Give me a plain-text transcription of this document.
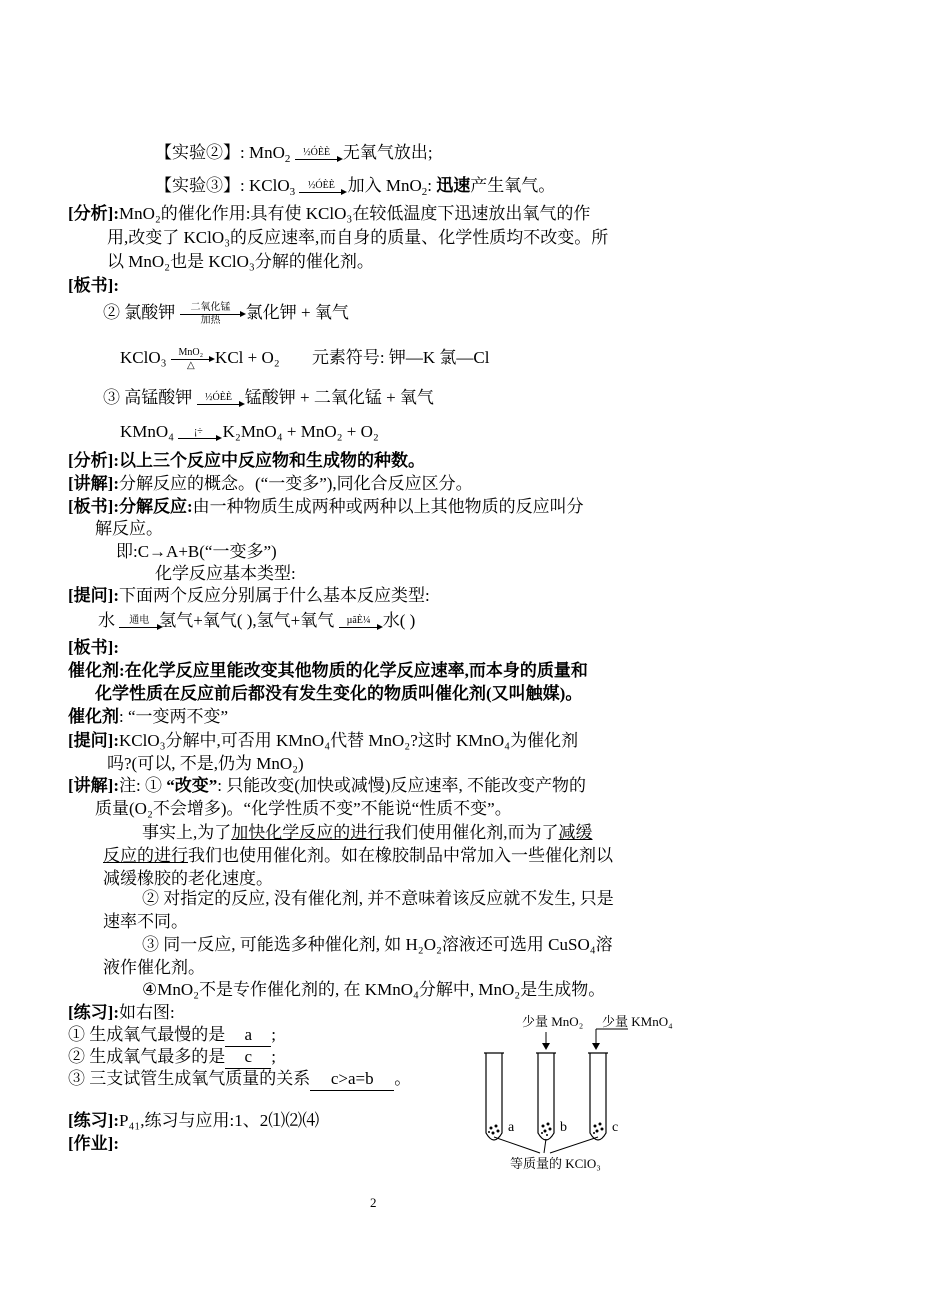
【实验②】: MnO$_2$
½ÓÈÈ 无氧气放出;
【实验③】: KClO$_3$
½ÓÈÈ 加入 MnO$_2$: 迅速产生氧气。
[分析]:MnO₂的催化作用:具有使 KClO₃在较低温度下迅速放出氧气的作
用,改变了 KClO₃的反应速率,而自身的质量、化学性质均不改变。所
以 MnO₂也是 KClO₃分解的催化剂。
[板书]:
② 氯酸钾	二氧化锰
加热	氯化钾 + 氧气
KClO₃	MnO₂
△	KCl + O₂ 元素符号: 钾—K 氯—Cl
③ 高锰酸钾	½ÓÈÈ 锰酸钾 + 二氧化锰 + 氧气
KMnO₄	¡÷	K₂MnO₄ + MnO₂ + O₂
[分析]:以上三个反应中反应物和生成物的种数。
[讲解]:分解反应的概念。(“一变多”),同化合反应区分。
[板书]:分解反应:由一种物质生成两种或两种以上其他物质的反应叫分
解反应。
即:C→A+B(“一变多”)
化学反应基本类型:
[提问]:下面两个反应分别属于什么基本反应类型:
水	通电 氢气+氧气( ),氢气+氧气	µãÈ¼ 水( )
[板书]:
催化剂:在化学反应里能改变其他物质的化学反应速率,而本身的质量和
化学性质在反应前后都没有发生变化的物质叫催化剂(又叫触媒)。
催化剂: “一变两不变”
[提问]:KClO₃分解中,可否用 KMnO₄代替 MnO₂?这时 KMnO₄为催化剂
吗?(可以, 不是,仍为 MnO₂)
[讲解]:注: ① “改变”: 只能改变(加快或减慢)反应速率, 不能改变产物的
质量(O₂不会增多)。“化学性质不变”不能说“性质不变”。
事实上,为了加快化学反应的进行我们使用催化剂,而为了减缓
反应的进行我们也使用催化剂。如在橡胶制品中常加入一些催化剂以
减缓橡胶的老化速度。
② 对指定的反应, 没有催化剂, 并不意味着该反应就不发生, 只是
速率不同。
③ 同一反应, 可能选多种催化剂, 如 H₂O₂溶液还可选用 CuSO₄溶
液作催化剂。
④MnO₂不是专作催化剂的, 在 KMnO₄分解中, MnO₂是生成物。
[练习]:如右图:
① 生成氧气最慢的是 a ;
② 生成氧气最多的是 c ;
③ 三支试管生成氧气质量的关系 c>a=b 。
少量 MnO₂ 少量 KMnO₄
a	b	c
等质量的 KClO₃
[练习]:P₄₁,练习与应用:1、2⑴⑵⑷
[作业]:
2
